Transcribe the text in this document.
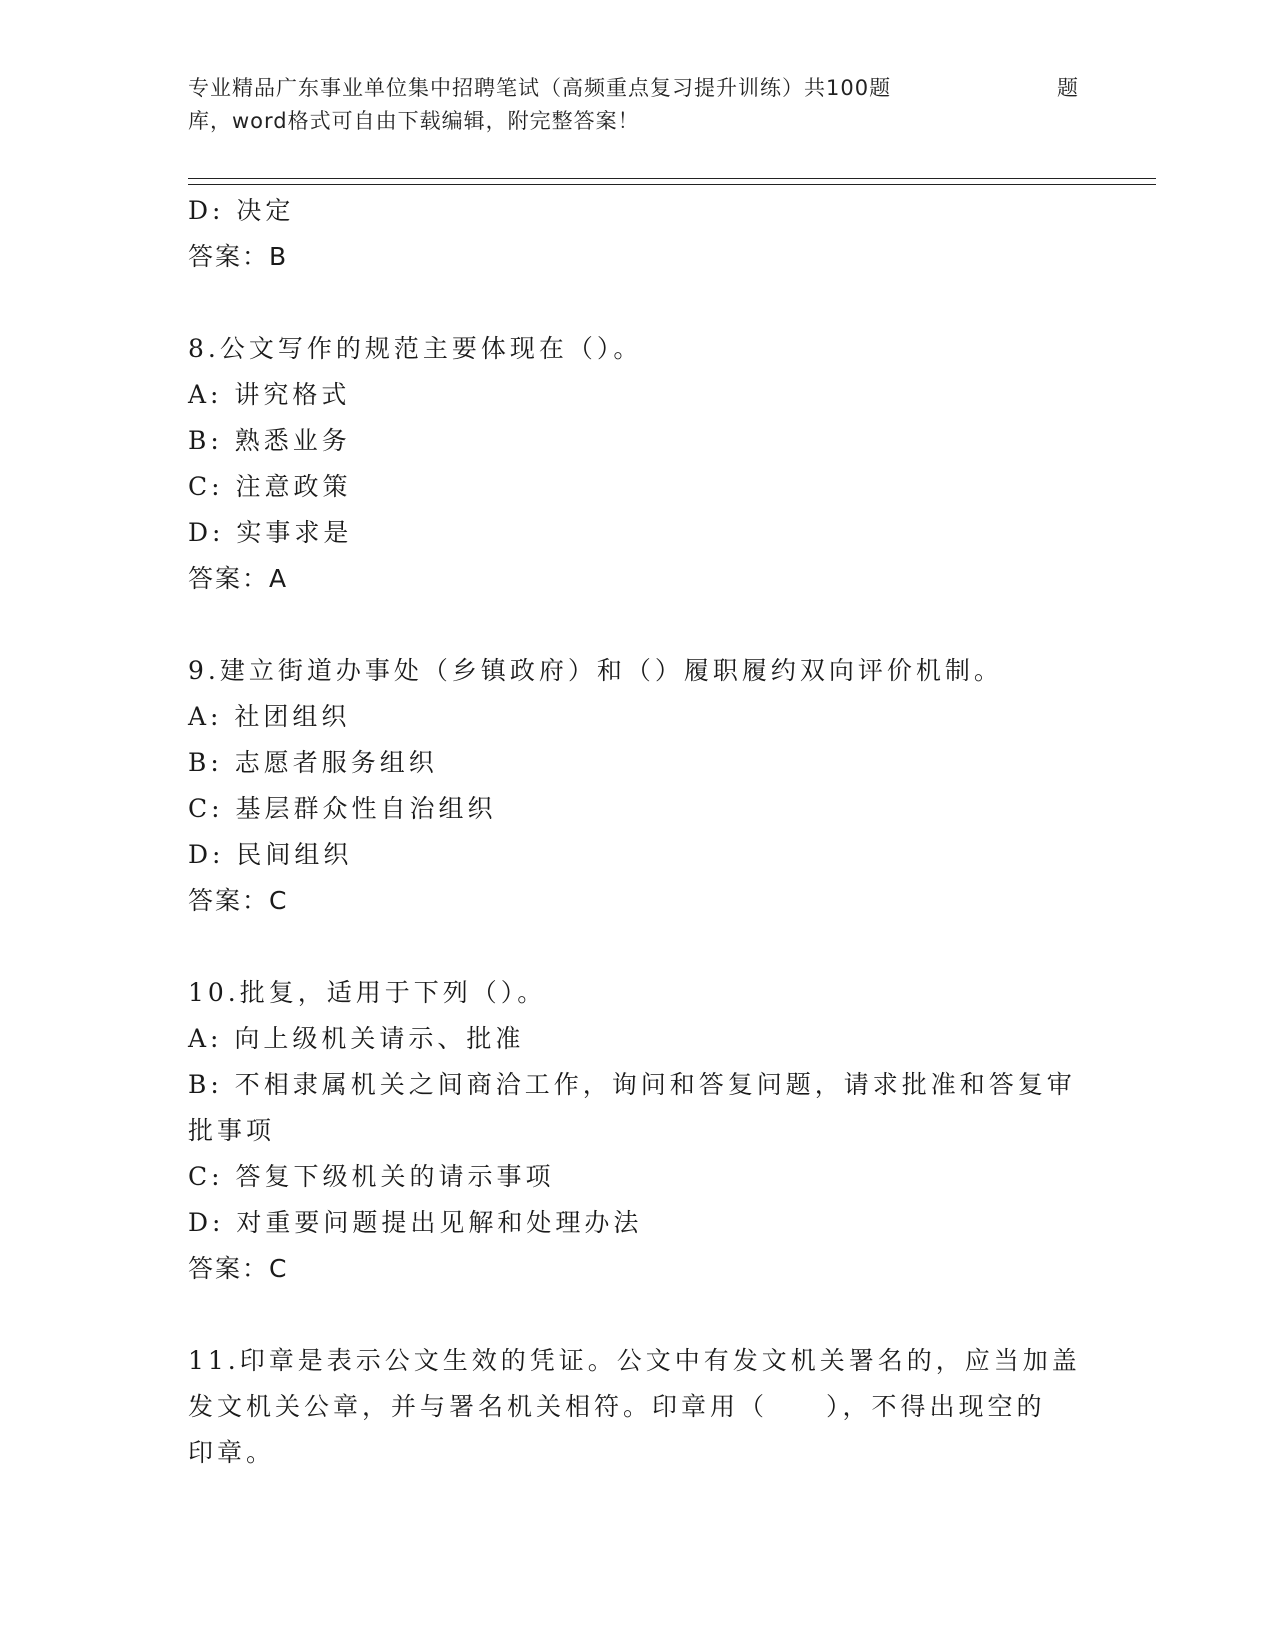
专业精品广东事业单位集中招聘笔试（高频重点复习提升训练）共100题	题
库，word格式可自由下载编辑，附完整答案！
D: 决定
答案：B
8.公文写作的规范主要体现在（）。
A: 讲究格式
B: 熟悉业务
C: 注意政策
D: 实事求是
答案：A
9.建立街道办事处（乡镇政府）和（）履职履约双向评价机制。
A: 社团组织
B: 志愿者服务组织
C: 基层群众性自治组织
D: 民间组织
答案：C
10.批复，适用于下列（）。
A: 向上级机关请示、批准
B: 不相隶属机关之间商洽工作，询问和答复问题，请求批准和答复审
批事项
C: 答复下级机关的请示事项
D: 对重要问题提出见解和处理办法
答案：C
11.印章是表示公文生效的凭证。公文中有发文机关署名的，应当加盖
发文机关公章，并与署名机关相符。印章用（　　），不得出现空的
印章。
